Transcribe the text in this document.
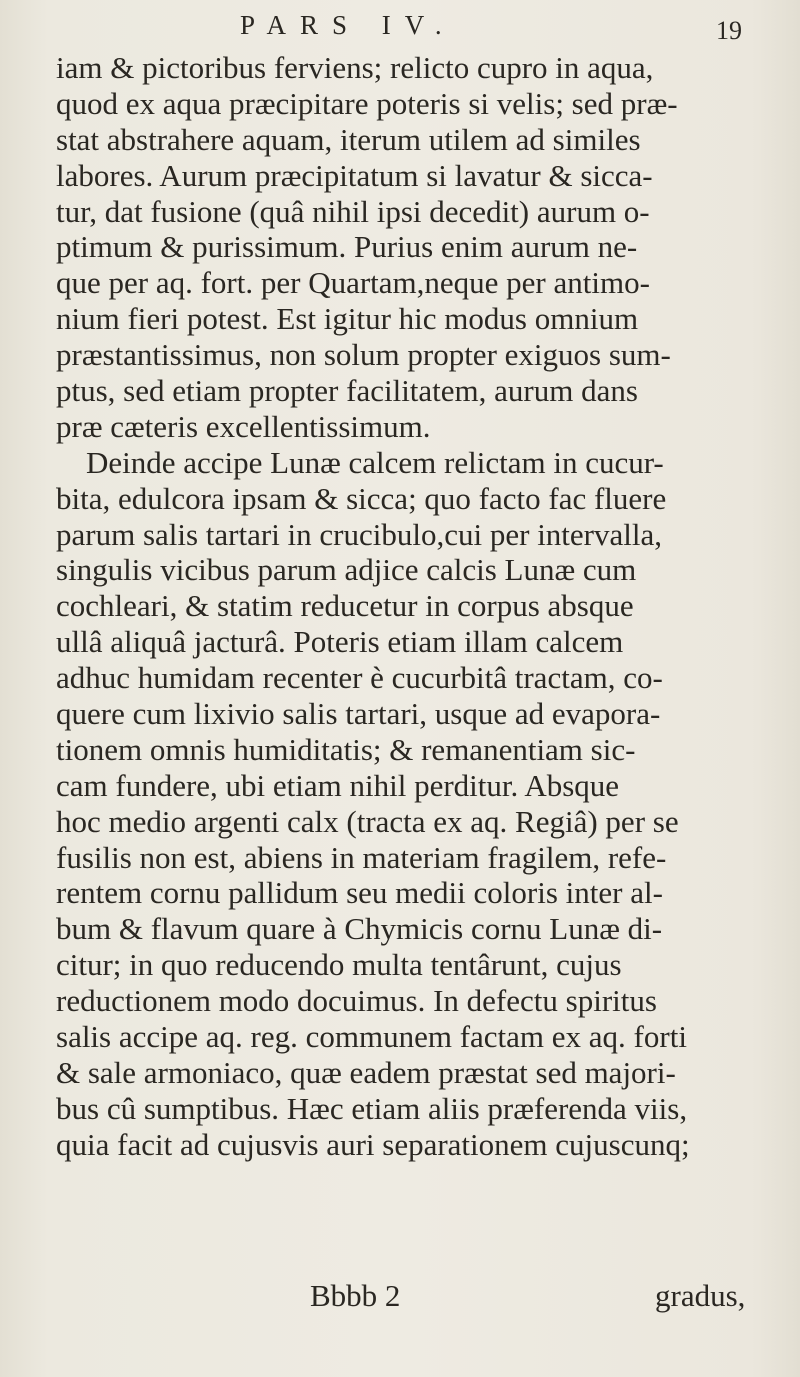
PARS IV.	19
iam & pictoribus ferviens; relicto cupro in aqua,
quod ex aqua præcipitare poteris si velis; sed præ-
stat abstrahere aquam, iterum utilem ad similes
labores. Aurum præcipitatum si lavatur & sicca-
tur, dat fusione (quâ nihil ipsi decedit) aurum o-
ptimum & purissimum. Purius enim aurum ne-
que per aq. fort. per Quartam,neque per antimo-
nium fieri potest. Est igitur hic modus omnium
præstantissimus, non solum propter exiguos sum-
ptus, sed etiam propter facilitatem, aurum dans
præ cæteris excellentissimum.
Deinde accipe Lunæ calcem relictam in cucur-
bita, edulcora ipsam & sicca; quo facto fac fluere
parum salis tartari in crucibulo,cui per intervalla,
singulis vicibus parum adjice calcis Lunæ cum
cochleari, & statim reducetur in corpus absque
ullâ aliquâ jacturâ. Poteris etiam illam calcem
adhuc humidam recenter è cucurbitâ tractam, co-
quere cum lixivio salis tartari, usque ad evapora-
tionem omnis humiditatis; & remanentiam sic-
cam fundere, ubi etiam nihil perditur. Absque
hoc medio argenti calx (tracta ex aq. Regiâ) per se
fusilis non est, abiens in materiam fragilem, refe-
rentem cornu pallidum seu medii coloris inter al-
bum & flavum quare à Chymicis cornu Lunæ di-
citur; in quo reducendo multa tentârunt, cujus
reductionem modo docuimus. In defectu spiritus
salis accipe aq. reg. communem factam ex aq. forti
& sale armoniaco, quæ eadem præstat sed majori-
bus cû sumptibus. Hæc etiam aliis præferenda viis,
quia facit ad cujusvis auri separationem cujuscunq;
Bbbb 2	gradus,
